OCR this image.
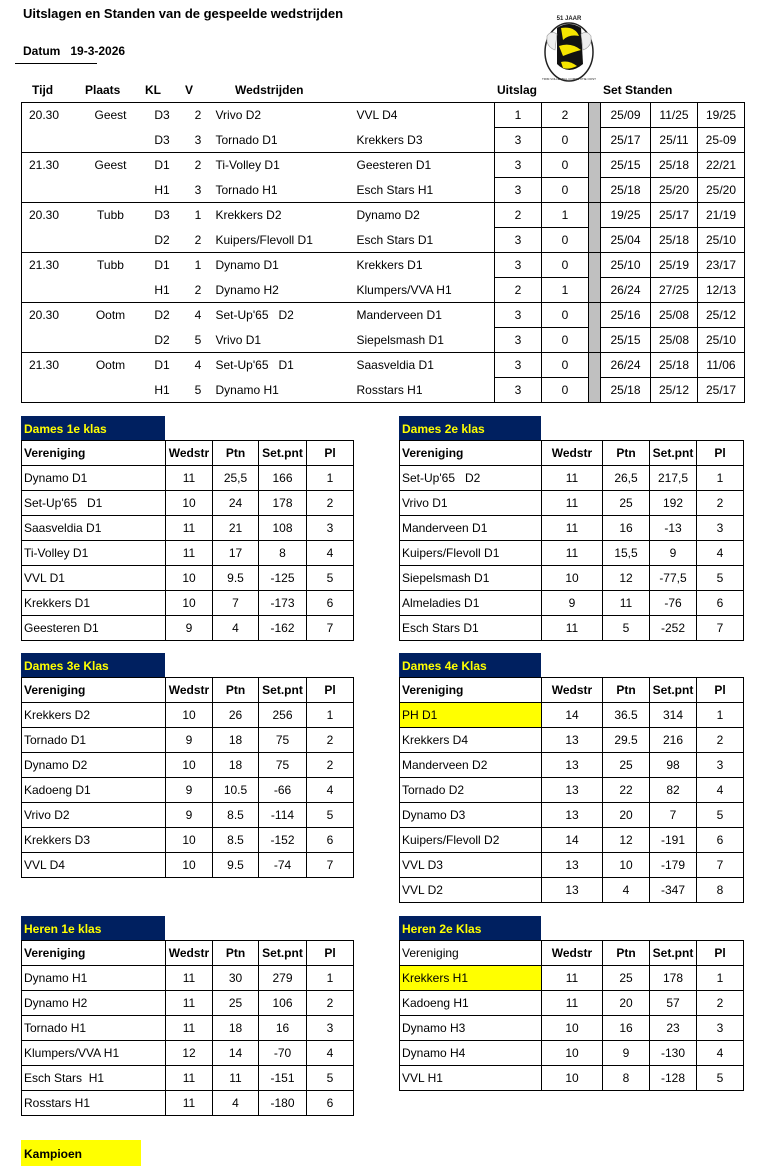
Uitslagen en Standen van de gespeelde wedstrijden
Datum 19-3-2026
51 JAAR
TRIM VOLLEYBAL COMPETITIE OOST
Tijd	Plaats KL V	Wedstrijden	Uitslag	Set Standen
20.30	Geest	D3	2	Vrivo D2	VVL D4	1	2		25/09	11/25	19/25
		D3	3	Tornado D1	Krekkers D3	3	0		25/17	25/11	25-09
21.30	Geest	D1	2	Ti-Volley D1	Geesteren D1	3	0		25/15	25/18	22/21
		H1	3	Tornado H1	Esch Stars H1	3	0		25/18	25/20	25/20
20.30	Tubb	D3	1	Krekkers D2	Dynamo D2	2	1		19/25	25/17	21/19
		D2	2	Kuipers/Flevoll D1	Esch Stars D1	3	0		25/04	25/18	25/10
21.30	Tubb	D1	1	Dynamo D1	Krekkers D1	3	0		25/10	25/19	23/17
		H1	2	Dynamo H2	Klumpers/VVA H1	2	1		26/24	27/25	12/13
20.30	Ootm	D2	4	Set-Up'65   D2	Manderveen D1	3	0		25/16	25/08	25/12
		D2	5	Vrivo D1	Siepelsmash D1	3	0		25/15	25/08	25/10
21.30	Ootm	D1	4	Set-Up'65   D1	Saasveldia D1	3	0		26/24	25/18	11/06
		H1	5	Dynamo H1	Rosstars H1	3	0		25/18	25/12	25/17
Dames 1e klas
Vereniging	Wedstr	Ptn	Set.pnt	Pl
Dynamo D1	11	25,5	166	1
Set-Up'65   D1	10	24	178	2
Saasveldia D1	11	21	108	3
Ti-Volley D1	11	17	8	4
VVL D1	10	9.5	-125	5
Krekkers D1	10	7	-173	6
Geesteren D1	9	4	-162	7
Dames 2e klas
Vereniging	Wedstr	Ptn	Set.pnt	Pl
Set-Up'65   D2	11	26,5	217,5	1
Vrivo D1	11	25	192	2
Manderveen D1	11	16	-13	3
Kuipers/Flevoll D1	11	15,5	9	4
Siepelsmash D1	10	12	-77,5	5
Almeladies D1	9	11	-76	6
Esch Stars D1	11	5	-252	7
Dames 3e Klas
Vereniging	Wedstr	Ptn	Set.pnt	Pl
Krekkers D2	10	26	256	1
Tornado D1	9	18	75	2
Dynamo D2	10	18	75	2
Kadoeng D1	9	10.5	-66	4
Vrivo D2	9	8.5	-114	5
Krekkers D3	10	8.5	-152	6
VVL D4	10	9.5	-74	7
Dames 4e Klas
Vereniging	Wedstr	Ptn	Set.pnt	Pl
PH D1	14	36.5	314	1
Krekkers D4	13	29.5	216	2
Manderveen D2	13	25	98	3
Tornado D2	13	22	82	4
Dynamo D3	13	20	7	5
Kuipers/Flevoll D2	14	12	-191	6
VVL D3	13	10	-179	7
VVL D2	13	4	-347	8
Heren 1e klas
Vereniging	Wedstr	Ptn	Set.pnt	Pl
Dynamo H1	11	30	279	1
Dynamo H2	11	25	106	2
Tornado H1	11	18	16	3
Klumpers/VVA H1	12	14	-70	4
Esch Stars  H1	11	11	-151	5
Rosstars H1	11	4	-180	6
Heren 2e Klas
Vereniging	Wedstr	Ptn	Set.pnt	Pl
Krekkers H1	11	25	178	1
Kadoeng H1	11	20	57	2
Dynamo H3	10	16	23	3
Dynamo H4	10	9	-130	4
VVL H1	10	8	-128	5
Kampioen
